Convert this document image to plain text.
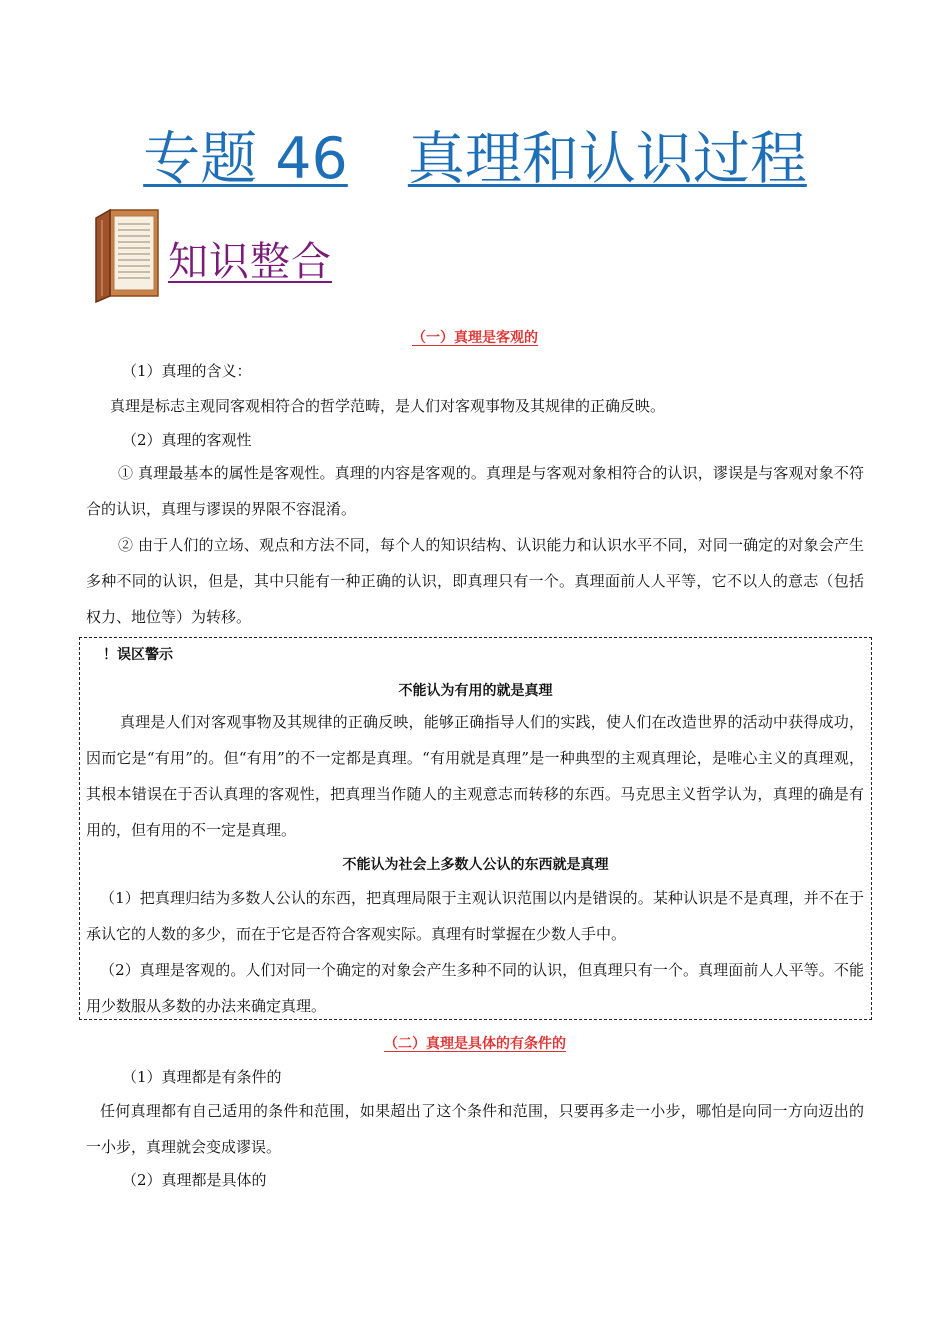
专题 46 真理和认识过程
知识整合
（一）真理是客观的
（1）真理的含义：
真理是标志主观同客观相符合的哲学范畴，是人们对客观事物及其规律的正确反映。
（2）真理的客观性
① 真理最基本的属性是客观性。真理的内容是客观的。真理是与客观对象相符合的认识，谬误是与客观对象不符合的认识，真理与谬误的界限不容混淆。
② 由于人们的立场、观点和方法不同，每个人的知识结构、认识能力和认识水平不同，对同一确定的对象会产生多种不同的认识，但是，其中只能有一种正确的认识，即真理只有一个。真理面前人人平等，它不以人的意志（包括权力、地位等）为转移。
！误区警示
不能认为有用的就是真理
真理是人们对客观事物及其规律的正确反映，能够正确指导人们的实践，使人们在改造世界的活动中获得成功，因而它是“有用”的。但“有用”的不一定都是真理。“有用就是真理”是一种典型的主观真理论，是唯心主义的真理观，其根本错误在于否认真理的客观性，把真理当作随人的主观意志而转移的东西。马克思主义哲学认为，真理的确是有用的，但有用的不一定是真理。
不能认为社会上多数人公认的东西就是真理
（1）把真理归结为多数人公认的东西，把真理局限于主观认识范围以内是错误的。某种认识是不是真理，并不在于承认它的人数的多少，而在于它是否符合客观实际。真理有时掌握在少数人手中。
（2）真理是客观的。人们对同一个确定的对象会产生多种不同的认识，但真理只有一个。真理面前人人平等。不能用少数服从多数的办法来确定真理。
（二）真理是具体的有条件的
（1）真理都是有条件的
任何真理都有自己适用的条件和范围，如果超出了这个条件和范围，只要再多走一小步，哪怕是向同一方向迈出的一小步，真理就会变成谬误。
（2）真理都是具体的
